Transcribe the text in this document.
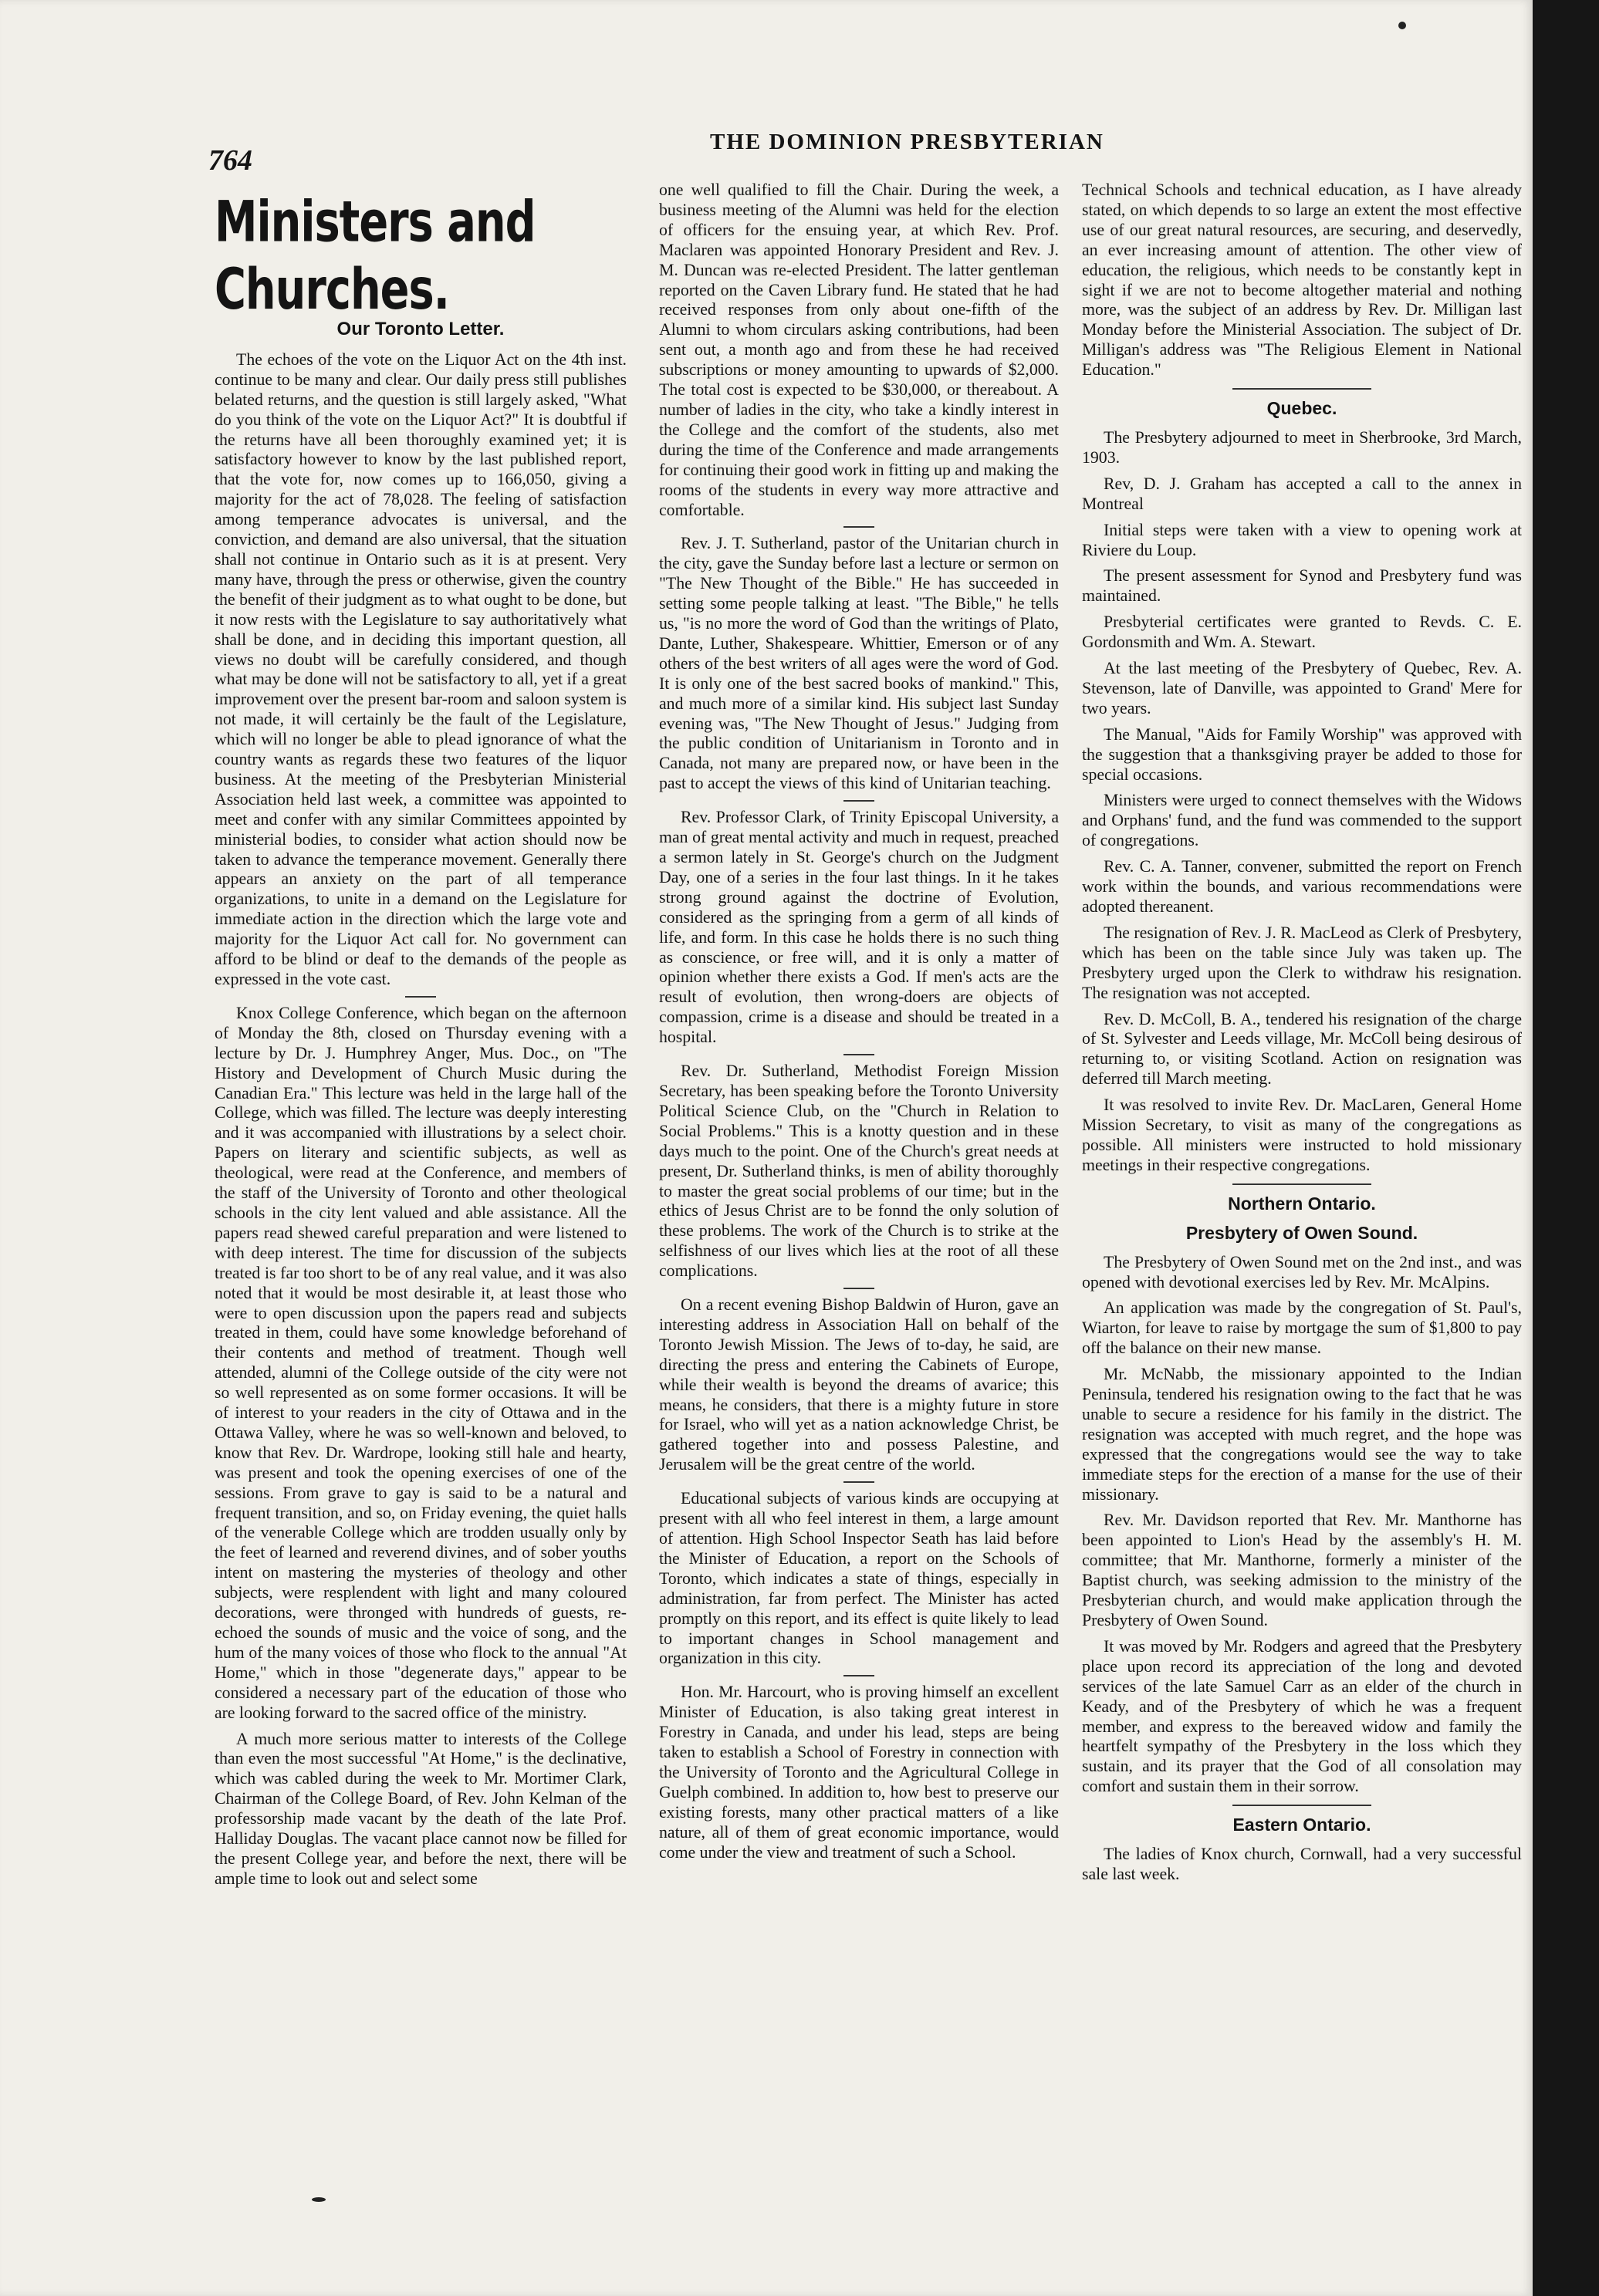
764
THE DOMINION PRESBYTERIAN
Ministers and Churches.
Our Toronto Letter.

The echoes of the vote on the Liquor Act on the 4th inst. continue to be many and clear. Our daily press still publishes belated returns, and the question is still largely asked, "What do you think of the vote on the Liquor Act?" It is doubtful if the returns have all been thoroughly examined yet; it is satisfactory however to know by the last published report, that the vote for, now comes up to 166,050, giving a majority for the act of 78,028. The feeling of satisfaction among temperance advocates is universal, and the conviction, and demand are also universal, that the situation shall not continue in Ontario such as it is at present. Very many have, through the press or otherwise, given the country the benefit of their judgment as to what ought to be done, but it now rests with the Legislature to say authoritatively what shall be done, and in deciding this important question, all views no doubt will be carefully considered, and though what may be done will not be satisfactory to all, yet if a great improvement over the present bar-room and saloon system is not made, it will certainly be the fault of the Legislature, which will no longer be able to plead ignorance of what the country wants as regards these two features of the liquor business. At the meeting of the Presbyterian Ministerial Association held last week, a committee was appointed to meet and confer with any similar Committees appointed by ministerial bodies, to consider what action should now be taken to advance the temperance movement. Generally there appears an anxiety on the part of all temperance organizations, to unite in a demand on the Legislature for immediate action in the direction which the large vote and majority for the Liquor Act call for. No government can afford to be blind or deaf to the demands of the people as expressed in the vote cast.

Knox College Conference, which began on the afternoon of Monday the 8th, closed on Thursday evening with a lecture by Dr. J. Humphrey Anger, Mus. Doc., on "The History and Development of Church Music during the Canadian Era." This lecture was held in the large hall of the College, which was filled. The lecture was deeply interesting and it was accompanied with illustrations by a select choir. Papers on literary and scientific subjects, as well as theological, were read at the Conference, and members of the staff of the University of Toronto and other theological schools in the city lent valued and able assistance. All the papers read shewed careful preparation and were listened to with deep interest. The time for discussion of the subjects treated is far too short to be of any real value, and it was also noted that it would be most desirable it, at least those who were to open discussion upon the papers read and subjects treated in them, could have some knowledge beforehand of their contents and method of treatment. Though well attended, alumni of the College outside of the city were not so well represented as on some former occasions. It will be of interest to your readers in the city of Ottawa and in the Ottawa Valley, where he was so well-known and beloved, to know that Rev. Dr. Wardrope, looking still hale and hearty, was present and took the opening exercises of one of the sessions. From grave to gay is said to be a natural and frequent transition, and so, on Friday evening, the quiet halls of the venerable College which are trodden usually only by the feet of learned and reverend divines, and of sober youths intent on mastering the mysteries of theology and other subjects, were resplendent with light and many coloured decorations, were thronged with hundreds of guests, re-echoed the sounds of music and the voice of song, and the hum of the many voices of those who flock to the annual "At Home," which in those "degenerate days," appear to be considered a necessary part of the education of those who are looking forward to the sacred office of the ministry.

A much more serious matter to interests of the College than even the most successful "At Home," is the declinative, which was cabled during the week to Mr. Mortimer Clark, Chairman of the College Board, of Rev. John Kelman of the professorship made vacant by the death of the late Prof. Halliday Douglas. The vacant place cannot now be filled for the present College year, and before the next, there will be ample time to look out and select some

one well qualified to fill the Chair. During the week, a business meeting of the Alumni was held for the election of officers for the ensuing year, at which Rev. Prof. Maclaren was appointed Honorary President and Rev. J. M. Duncan was re-elected President. The latter gentleman reported on the Caven Library fund. He stated that he had received responses from only about one-fifth of the Alumni to whom circulars asking contributions, had been sent out, a month ago and from these he had received subscriptions or money amounting to upwards of $2,000. The total cost is expected to be $30,000, or thereabout. A number of ladies in the city, who take a kindly interest in the College and the comfort of the students, also met during the time of the Conference and made arrangements for continuing their good work in fitting up and making the rooms of the students in every way more attractive and comfortable.

Rev. J. T. Sutherland, pastor of the Unitarian church in the city, gave the Sunday before last a lecture or sermon on "The New Thought of the Bible." He has succeeded in setting some people talking at least. "The Bible," he tells us, "is no more the word of God than the writings of Plato, Dante, Luther, Shakespeare. Whittier, Emerson or of any others of the best writers of all ages were the word of God. It is only one of the best sacred books of mankind." This, and much more of a similar kind. His subject last Sunday evening was, "The New Thought of Jesus." Judging from the public condition of Unitarianism in Toronto and in Canada, not many are prepared now, or have been in the past to accept the views of this kind of Unitarian teaching.

Rev. Professor Clark, of Trinity Episcopal University, a man of great mental activity and much in request, preached a sermon lately in St. George's church on the Judgment Day, one of a series in the four last things. In it he takes strong ground against the doctrine of Evolution, considered as the springing from a germ of all kinds of life, and form. In this case he holds there is no such thing as conscience, or free will, and it is only a matter of opinion whether there exists a God. If men's acts are the result of evolution, then wrong-doers are objects of compassion, crime is a disease and should be treated in a hospital.

Rev. Dr. Sutherland, Methodist Foreign Mission Secretary, has been speaking before the Toronto University Political Science Club, on the "Church in Relation to Social Problems." This is a knotty question and in these days much to the point. One of the Church's great needs at present, Dr. Sutherland thinks, is men of ability thoroughly to master the great social problems of our time; but in the ethics of Jesus Christ are to be fonnd the only solution of these problems. The work of the Church is to strike at the selfishness of our lives which lies at the root of all these complications.

On a recent evening Bishop Baldwin of Huron, gave an interesting address in Association Hall on behalf of the Toronto Jewish Mission. The Jews of to-day, he said, are directing the press and entering the Cabinets of Europe, while their wealth is beyond the dreams of avarice; this means, he considers, that there is a mighty future in store for Israel, who will yet as a nation acknowledge Christ, be gathered together into and possess Palestine, and Jerusalem will be the great centre of the world.

Educational subjects of various kinds are occupying at present with all who feel interest in them, a large amount of attention. High School Inspector Seath has laid before the Minister of Education, a report on the Schools of Toronto, which indicates a state of things, especially in administration, far from perfect. The Minister has acted promptly on this report, and its effect is quite likely to lead to important changes in School management and organization in this city.

Hon. Mr. Harcourt, who is proving himself an excellent Minister of Education, is also taking great interest in Forestry in Canada, and under his lead, steps are being taken to establish a School of Forestry in connection with the University of Toronto and the Agricultural College in Guelph combined. In addition to, how best to preserve our existing forests, many other practical matters of a like nature, all of them of great economic importance, would come under the view and treatment of such a School.

Technical Schools and technical education, as I have already stated, on which depends to so large an extent the most effective use of our great natural resources, are securing, and deservedly, an ever increasing amount of attention. The other view of education, the religious, which needs to be constantly kept in sight if we are not to become altogether material and nothing more, was the subject of an address by Rev. Dr. Milligan last Monday before the Ministerial Association. The subject of Dr. Milligan's address was "The Religious Element in National Education."

Quebec.

The Presbytery adjourned to meet in Sherbrooke, 3rd March, 1903.

Rev, D. J. Graham has accepted a call to the annex in Montreal

Initial steps were taken with a view to opening work at Riviere du Loup.

The present assessment for Synod and Presbytery fund was maintained.

Presbyterial certificates were granted to Revds. C. E. Gordonsmith and Wm. A. Stewart.

At the last meeting of the Presbytery of Quebec, Rev. A. Stevenson, late of Danville, was appointed to Grand' Mere for two years.

The Manual, "Aids for Family Worship" was approved with the suggestion that a thanksgiving prayer be added to those for special occasions.

Ministers were urged to connect themselves with the Widows and Orphans' fund, and the fund was commended to the support of congregations.

Rev. C. A. Tanner, convener, submitted the report on French work within the bounds, and various recommendations were adopted thereanent.

The resignation of Rev. J. R. MacLeod as Clerk of Presbytery, which has been on the table since July was taken up. The Presbytery urged upon the Clerk to withdraw his resignation. The resignation was not accepted.

Rev. D. McColl, B. A., tendered his resignation of the charge of St. Sylvester and Leeds village, Mr. McColl being desirous of returning to, or visiting Scotland. Action on resignation was deferred till March meeting.

It was resolved to invite Rev. Dr. MacLaren, General Home Mission Secretary, to visit as many of the congregations as possible. All ministers were instructed to hold missionary meetings in their respective congregations.

Northern Ontario.
Presbytery of Owen Sound.

The Presbytery of Owen Sound met on the 2nd inst., and was opened with devotional exercises led by Rev. Mr. McAlpins.

An application was made by the congregation of St. Paul's, Wiarton, for leave to raise by mortgage the sum of $1,800 to pay off the balance on their new manse.

Mr. McNabb, the missionary appointed to the Indian Peninsula, tendered his resignation owing to the fact that he was unable to secure a residence for his family in the district. The resignation was accepted with much regret, and the hope was expressed that the congregations would see the way to take immediate steps for the erection of a manse for the use of their missionary.

Rev. Mr. Davidson reported that Rev. Mr. Manthorne has been appointed to Lion's Head by the assembly's H. M. committee; that Mr. Manthorne, formerly a minister of the Baptist church, was seeking admission to the ministry of the Presbyterian church, and would make application through the Presbytery of Owen Sound.

It was moved by Mr. Rodgers and agreed that the Presbytery place upon record its appreciation of the long and devoted services of the late Samuel Carr as an elder of the church in Keady, and of the Presbytery of which he was a frequent member, and express to the bereaved widow and family the heartfelt sympathy of the Presbytery in the loss which they sustain, and its prayer that the God of all consolation may comfort and sustain them in their sorrow.

Eastern Ontario.

The ladies of Knox church, Cornwall, had a very successful sale last week.
